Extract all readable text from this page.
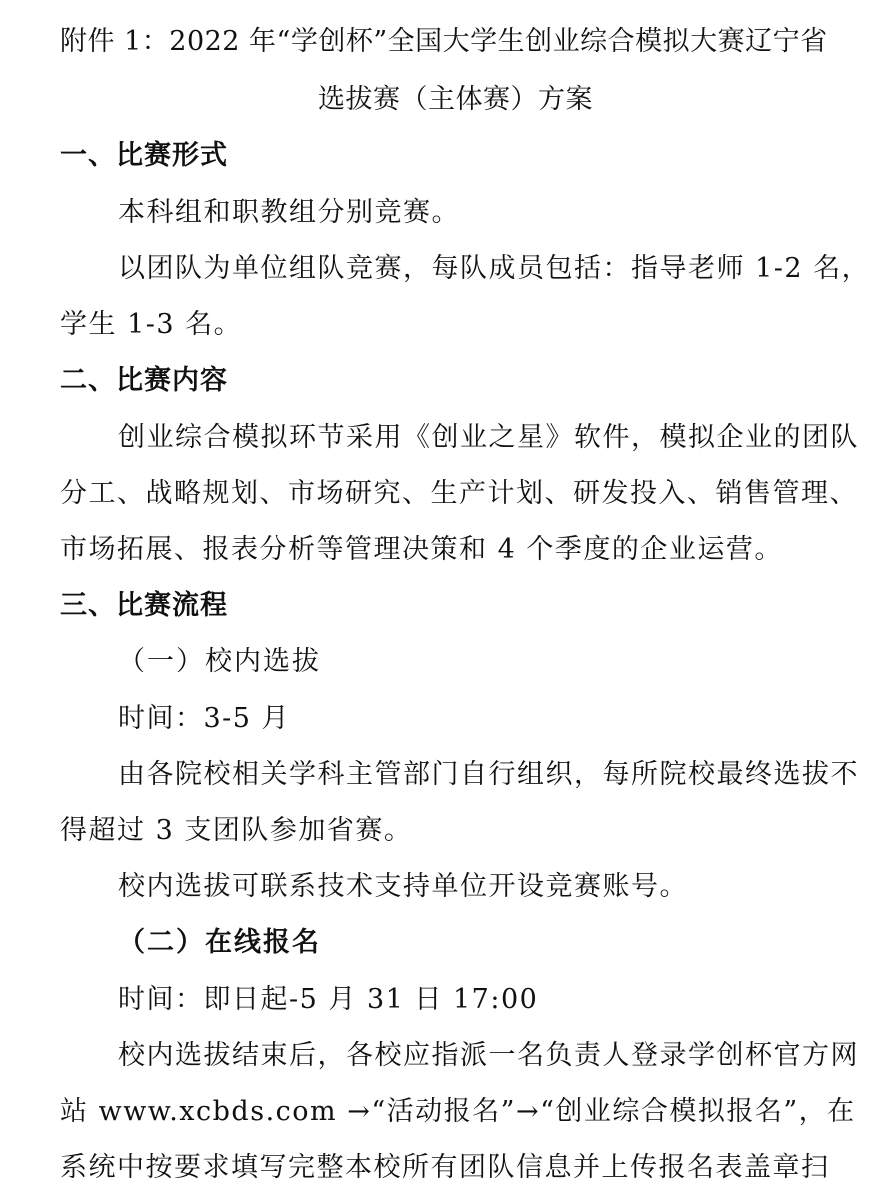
附件 1：2022 年“学创杯”全国大学生创业综合模拟大赛辽宁省
选拔赛（主体赛）方案
一、比赛形式
本科组和职教组分别竞赛。
以团队为单位组队竞赛，每队成员包括：指导老师 1-2 名，
学生 1-3 名。
二、比赛内容
创业综合模拟环节采用《创业之星》软件，模拟企业的团队
分工、战略规划、市场研究、生产计划、研发投入、销售管理、
市场拓展、报表分析等管理决策和 4 个季度的企业运营。
三、比赛流程
（一）校内选拔
时间：3-5 月
由各院校相关学科主管部门自行组织，每所院校最终选拔不
得超过 3 支团队参加省赛。
校内选拔可联系技术支持单位开设竞赛账号。
（二）在线报名
时间：即日起-5 月 31 日 17:00
校内选拔结束后，各校应指派一名负责人登录学创杯官方网
站 www.xcbds.com →“活动报名”→“创业综合模拟报名”，在
系统中按要求填写完整本校所有团队信息并上传报名表盖章扫
